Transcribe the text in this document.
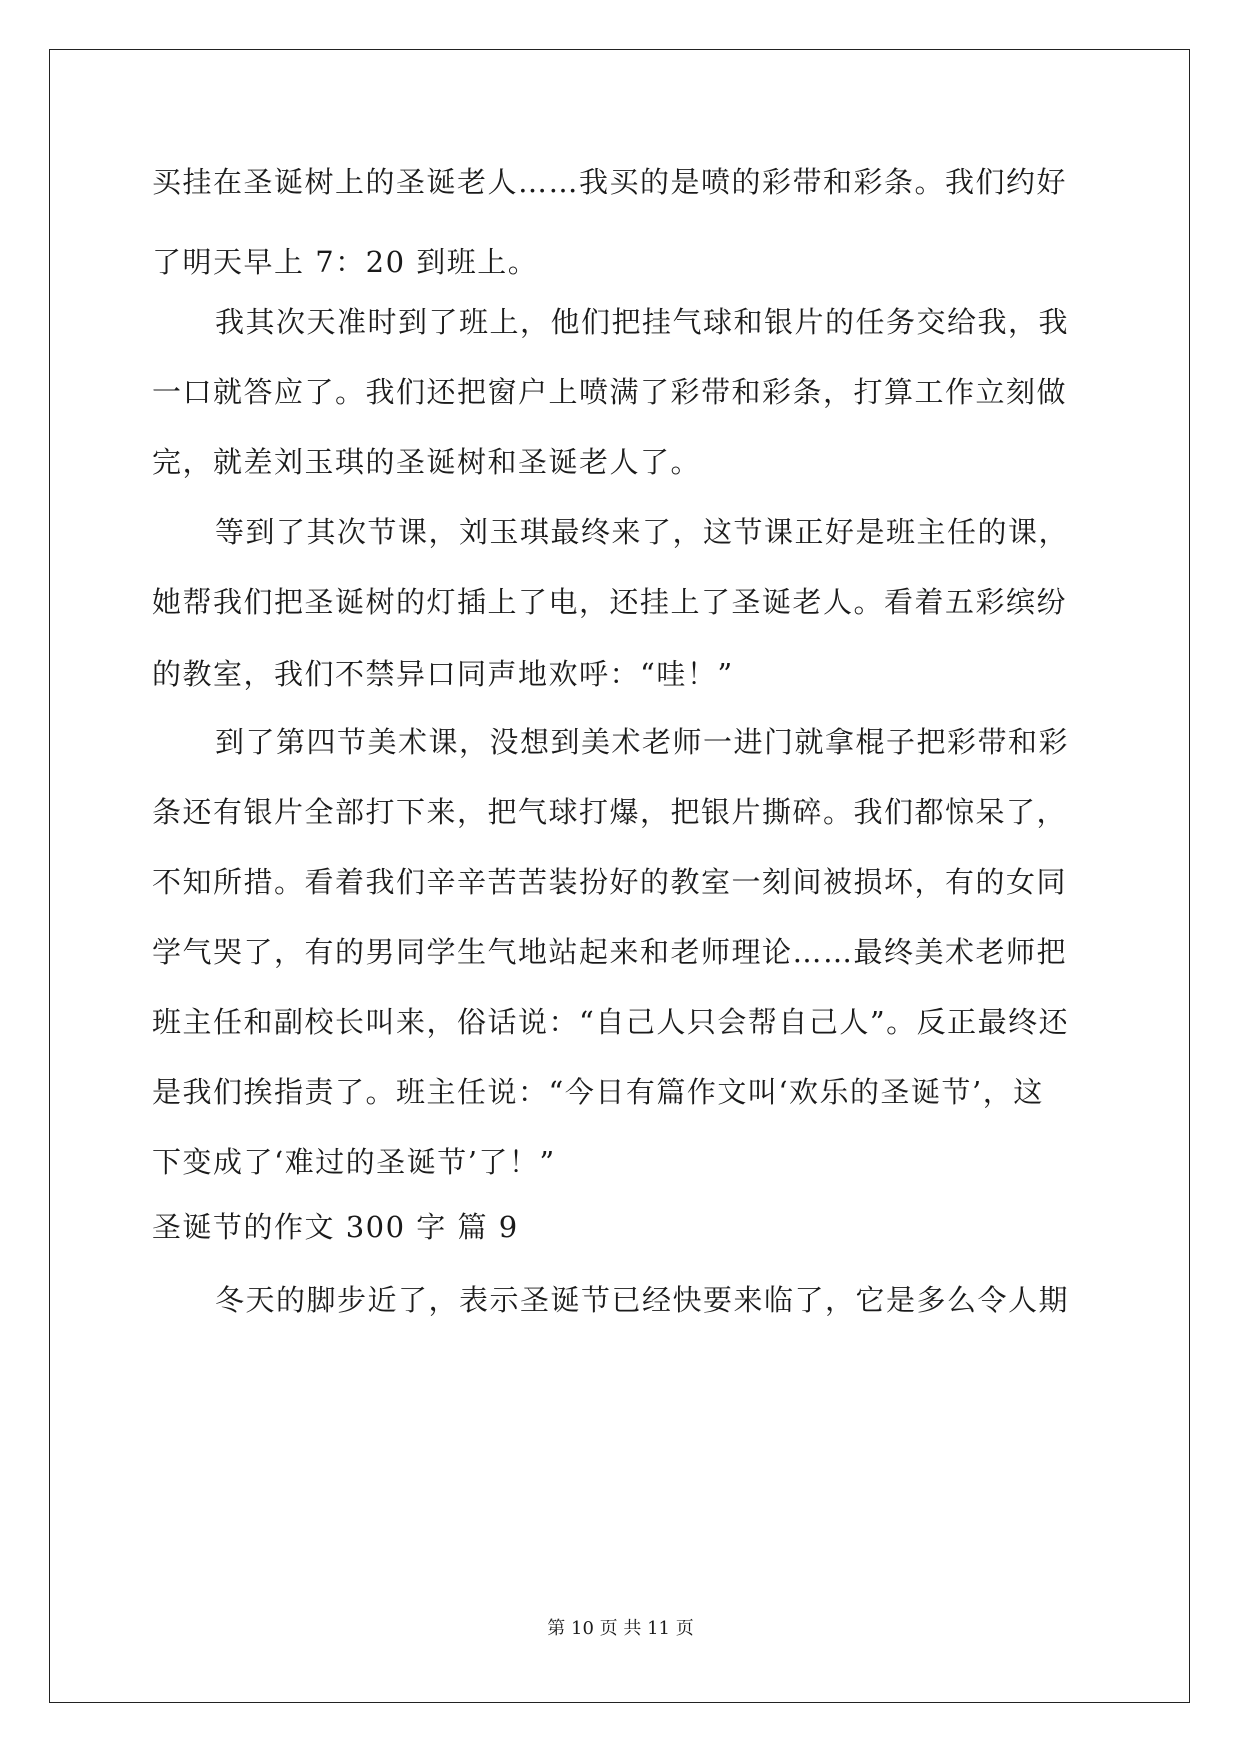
买挂在圣诞树上的圣诞老人……我买的是喷的彩带和彩条。我们约好
了明天早上 7：20 到班上。
我其次天准时到了班上，他们把挂气球和银片的任务交给我，我
一口就答应了。我们还把窗户上喷满了彩带和彩条，打算工作立刻做
完，就差刘玉琪的圣诞树和圣诞老人了。
等到了其次节课，刘玉琪最终来了，这节课正好是班主任的课，
她帮我们把圣诞树的灯插上了电，还挂上了圣诞老人。看着五彩缤纷
的教室，我们不禁异口同声地欢呼：“哇！”
到了第四节美术课，没想到美术老师一进门就拿棍子把彩带和彩
条还有银片全部打下来，把气球打爆，把银片撕碎。我们都惊呆了，
不知所措。看着我们辛辛苦苦装扮好的教室一刻间被损坏，有的女同
学气哭了，有的男同学生气地站起来和老师理论……最终美术老师把
班主任和副校长叫来，俗话说：“自己人只会帮自己人”。反正最终还
是我们挨指责了。班主任说：“今日有篇作文叫‘欢乐的圣诞节’，这
下变成了‘难过的圣诞节’了！”
圣诞节的作文 300 字 篇 9
冬天的脚步近了，表示圣诞节已经快要来临了，它是多么令人期
第 10 页 共 11 页
